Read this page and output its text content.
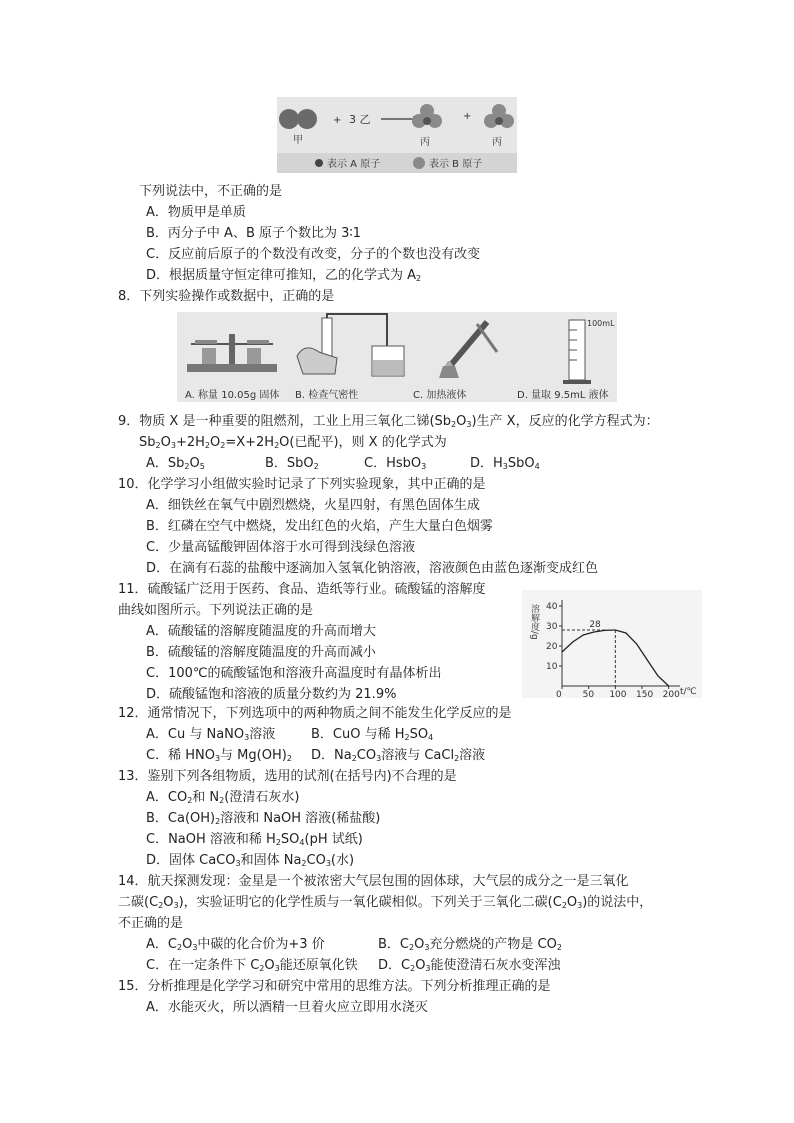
甲
+ 3 乙
丙
+
丙
表示 A 原子	表示 B 原子
下列说法中，不正确的是
A．物质甲是单质
B．丙分子中 A、B 原子个数比为 3∶1
C．反应前后原子的个数没有改变，分子的个数也没有改变
D．根据质量守恒定律可推知，乙的化学式为 $A_2$
8．下列实验操作或数据中，正确的是
100mL
A. 称量 10.05g 固体 B. 检查气密性	C. 加热液体	D. 量取 9.5mL 液体
9．物质 X 是一种重要的阻燃剂，工业上用三氧化二锑$(Sb_2O_3)$生产 X，反应的化学方程式为：
$Sb_2O_3+2H_2O_2=X+2H_2O$(已配平)，则 X 的化学式为
A．$Sb_2O_5$	B．SbO$_2$	C．HsbO$_3$	D．$H_3SbO_4$
10．化学学习小组做实验时记录了下列实验现象，其中正确的是
A．细铁丝在氧气中剧烈燃烧，火星四射，有黑色固体生成
B．红磷在空气中燃烧，发出红色的火焰，产生大量白色烟雾
C．少量高锰酸钾固体溶于水可得到浅绿色溶液
D．在滴有石蕊的盐酸中逐滴加入氢氧化钠溶液，溶液颜色由蓝色逐渐变成红色
11．硫酸锰广泛用于医药、食品、造纸等行业。硫酸锰的溶解度
曲线如图所示。下列说法正确的是
A．硫酸锰的溶解度随温度的升高而增大
B．硫酸锰的溶解度随温度的升高而减小
C．100℃的硫酸锰饱和溶液升高温度时有晶体析出
D．硫酸锰饱和溶液的质量分数约为 21.9%
溶解度/g
t/℃
10
20
30
40
0 50 100 150 200
28
12．通常情况下，下列选项中的两种物质之间不能发生化学反应的是
A．Cu 与 NaNO$_3$溶液	B．CuO 与稀 $H_2SO_4$
C．稀 $HNO_3$与 $Mg(OH)_2$ D．$Na_2CO_3$溶液与 CaCl$_2$溶液
13．鉴别下列各组物质，选用的试剂(在括号内)不合理的是
A．$CO_2$和 $N_2$(澄清石灰水)
B．$Ca(OH)_2$溶液和 NaOH 溶液(稀盐酸)
C．NaOH 溶液和稀 $H_2SO_4(pH$ 试纸)
D．固体 CaCO$_3$和固体 $Na_2CO_3$(水)
14．航天探测发现：金星是一个被浓密大气层包围的固体球，大气层的成分之一是三氧化
二碳$(C_2O_3)$，实验证明它的化学性质与一氧化碳相似。下列关于三氧化二碳$(C_2O_3)$的说法中，
不正确的是
A．$C_2O_3$中碳的化合价为+3 价	B．$C_2O_3$充分燃烧的产物是 $CO_2$
C．在一定条件下 $C_2O_3$能还原氧化铁 D．$C_2O_3$能使澄清石灰水变浑浊
15．分析推理是化学学习和研究中常用的思维方法。下列分析推理正确的是
A．水能灭火，所以酒精一旦着火应立即用水浇灭
